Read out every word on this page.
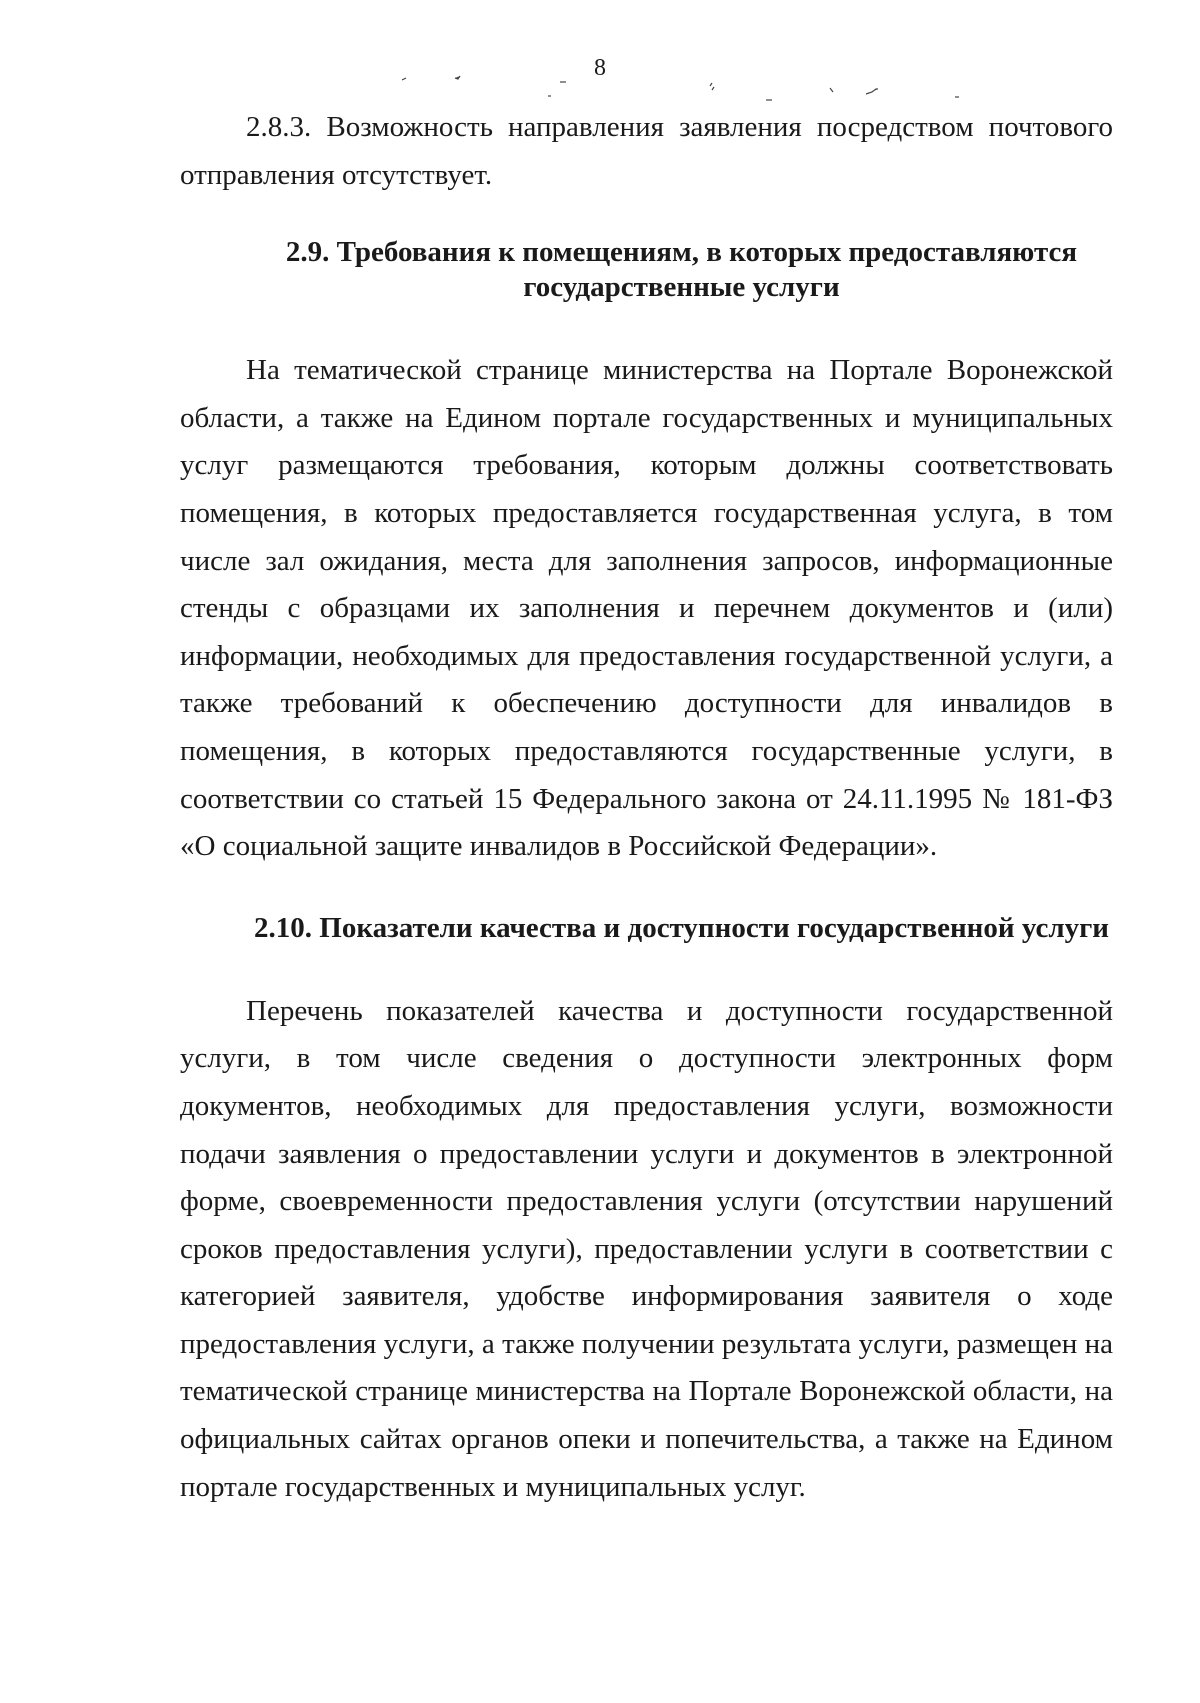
8

2.8.3. Возможность направления заявления посредством почтового отправления отсутствует.

2.9. Требования к помещениям, в которых предоставляются
государственные услуги

На тематической странице министерства на Портале Воронежской области, а также на Едином портале государственных и муниципальных услуг размещаются требования, которым должны соответствовать помещения, в которых предоставляется государственная услуга, в том числе зал ожидания, места для заполнения запросов, информационные стенды с образцами их заполнения и перечнем документов и (или) информации, необходимых для предоставления государственной услуги, а также требований к обеспечению доступности для инвалидов в помещения, в которых предоставляются государственные услуги, в соответствии со статьей 15 Федерального закона от 24.11.1995 № 181-ФЗ «О социальной защите инвалидов в Российской Федерации».

2.10. Показатели качества и доступности государственной услуги

Перечень показателей качества и доступности государственной услуги, в том числе сведения о доступности электронных форм документов, необходимых для предоставления услуги, возможности подачи заявления о предоставлении услуги и документов в электронной форме, своевременности предоставления услуги (отсутствии нарушений сроков предоставления услуги), предоставлении услуги в соответствии с категорией заявителя, удобстве информирования заявителя о ходе предоставления услуги, а также получении результата услуги, размещен на тематической странице министерства на Портале Воронежской области, на официальных сайтах органов опеки и попечительства, а также на Едином портале государственных и муниципальных услуг.
